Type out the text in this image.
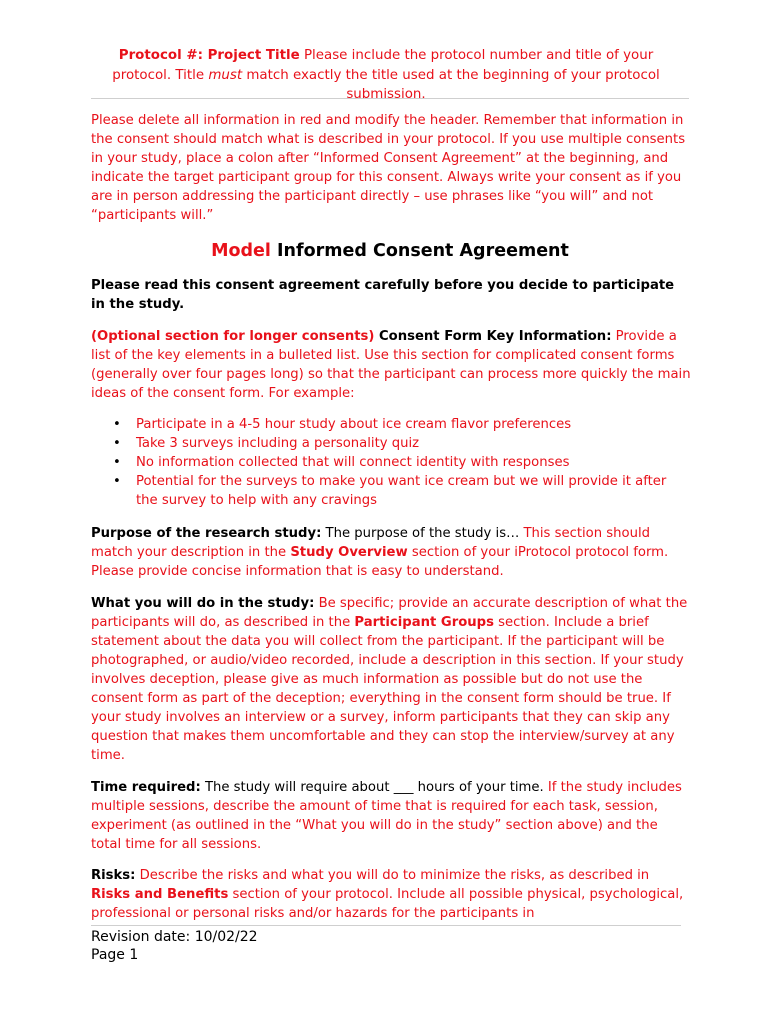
Protocol #: Project Title Please include the protocol number and title of your protocol. Title must match exactly the title used at the beginning of your protocol submission.
Please delete all information in red and modify the header. Remember that information in the consent should match what is described in your protocol. If you use multiple consents in your study, place a colon after “Informed Consent Agreement” at the beginning, and indicate the target participant group for this consent. Always write your consent as if you are in person addressing the participant directly – use phrases like “you will” and not “participants will.”
Model Informed Consent Agreement
Please read this consent agreement carefully before you decide to participate in the study.
(Optional section for longer consents) Consent Form Key Information: Provide a list of the key elements in a bulleted list. Use this section for complicated consent forms (generally over four pages long) so that the participant can process more quickly the main ideas of the consent form. For example:
• Participate in a 4-5 hour study about ice cream flavor preferences
• Take 3 surveys including a personality quiz
• No information collected that will connect identity with responses
• Potential for the surveys to make you want ice cream but we will provide it after the survey to help with any cravings
Purpose of the research study: The purpose of the study is… This section should match your description in the Study Overview section of your iProtocol protocol form. Please provide concise information that is easy to understand.
What you will do in the study: Be specific; provide an accurate description of what the participants will do, as described in the Participant Groups section. Include a brief statement about the data you will collect from the participant. If the participant will be photographed, or audio/video recorded, include a description in this section. If your study involves deception, please give as much information as possible but do not use the consent form as part of the deception; everything in the consent form should be true. If your study involves an interview or a survey, inform participants that they can skip any question that makes them uncomfortable and they can stop the interview/survey at any time.
Time required: The study will require about ___ hours of your time. If the study includes multiple sessions, describe the amount of time that is required for each task, session, experiment (as outlined in the “What you will do in the study” section above) and the total time for all sessions.
Risks: Describe the risks and what you will do to minimize the risks, as described in Risks and Benefits section of your protocol. Include all possible physical, psychological, professional or personal risks and/or hazards for the participants in
Revision date: 10/02/22
Page 1
